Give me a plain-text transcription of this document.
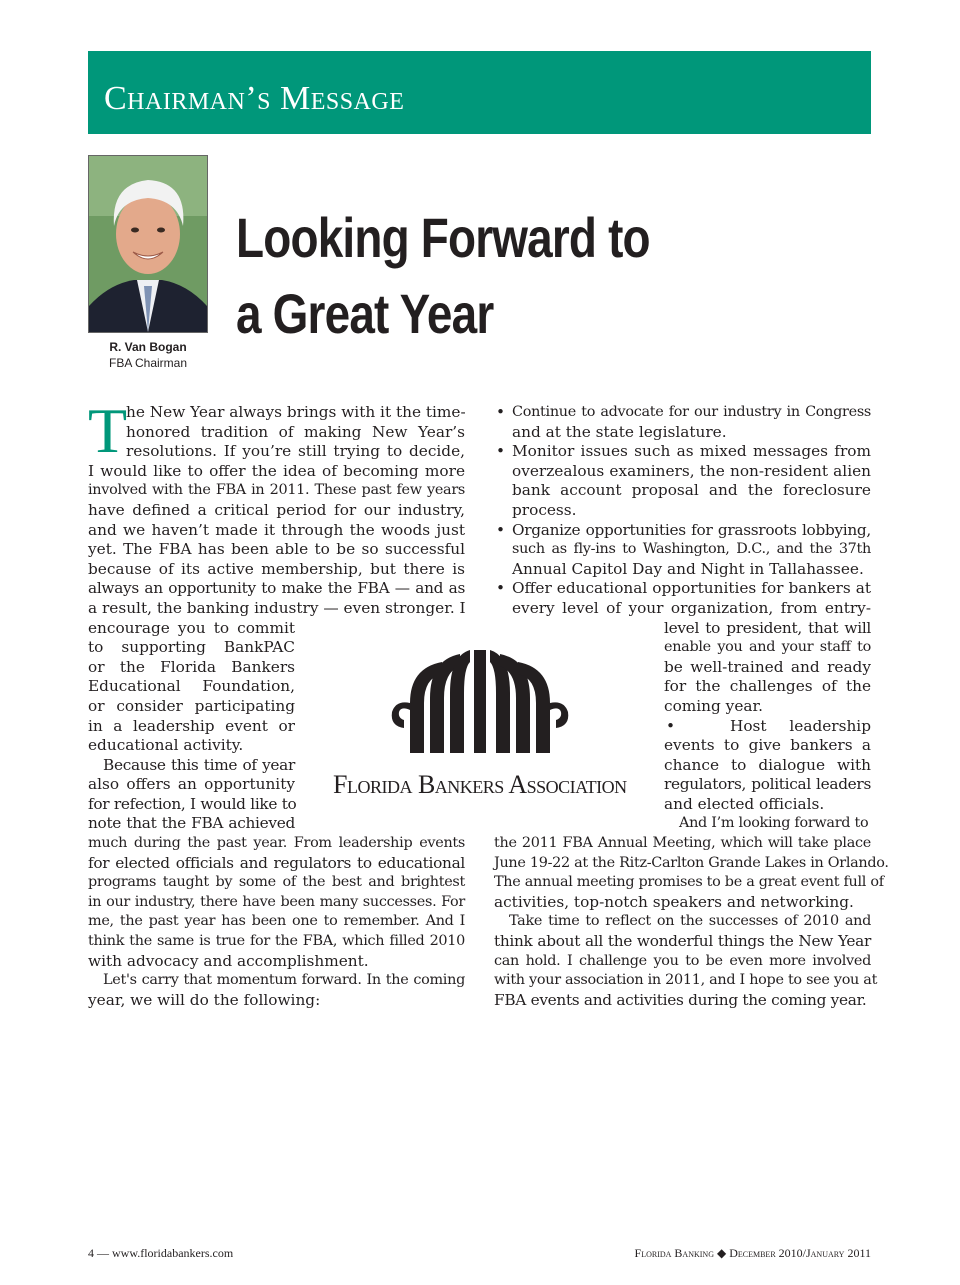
Chairman’s Message
R. Van Bogan
FBA Chairman
Looking Forward to
a Great Year
T
he New Year always brings with it the time-
honored tradition of making New Year’s
resolutions. If you’re still trying to decide,
I would like to offer the idea of becoming more
involved with the FBA in 2011. These past few years
have defined a critical period for our industry,
and we haven’t made it through the woods just
yet. The FBA has been able to be so successful
because of its active membership, but there is
always an opportunity to make the FBA — and as
a result, the banking industry — even stronger. I
encourage you to commit
to supporting BankPAC
or the Florida Bankers
Educational Foundation,
or consider participating
in a leadership event or
educational activity.
Because this time of year
also offers an opportunity
for refection, I would like to
note that the FBA achieved
much during the past year. From leadership events
for elected officials and regulators to educational
programs taught by some of the best and brightest
in our industry, there have been many successes. For
me, the past year has been one to remember. And I
think the same is true for the FBA, which filled 2010
with advocacy and accomplishment.
Let's carry that momentum forward. In the coming
year, we will do the following:
• Continue to advocate for our industry in Congress
and at the state legislature.
• Monitor issues such as mixed messages from
overzealous examiners, the non-resident alien
bank account proposal and the foreclosure
process.
• Organize opportunities for grassroots lobbying,
such as fly-ins to Washington, D.C., and the 37th
Annual Capitol Day and Night in Tallahassee.
• Offer educational opportunities for bankers at
every level of your organization, from entry-
level to president, that will
enable you and your staff to
be well-trained and ready
for the challenges of the
coming year.
•	Host leadership
events to give bankers a
chance to dialogue with
regulators, political leaders
and elected officials.
And I’m looking forward to
the 2011 FBA Annual Meeting, which will take place
June 19-22 at the Ritz-Carlton Grande Lakes in Orlando.
The annual meeting promises to be a great event full of
activities, top-notch speakers and networking.
Take time to reflect on the successes of 2010 and
think about all the wonderful things the New Year
can hold. I challenge you to be even more involved
with your association in 2011, and I hope to see you at
FBA events and activities during the coming year.
Florida Bankers Association
4 — www.floridabankers.com	Florida Banking ◆ December 2010/January 2011
